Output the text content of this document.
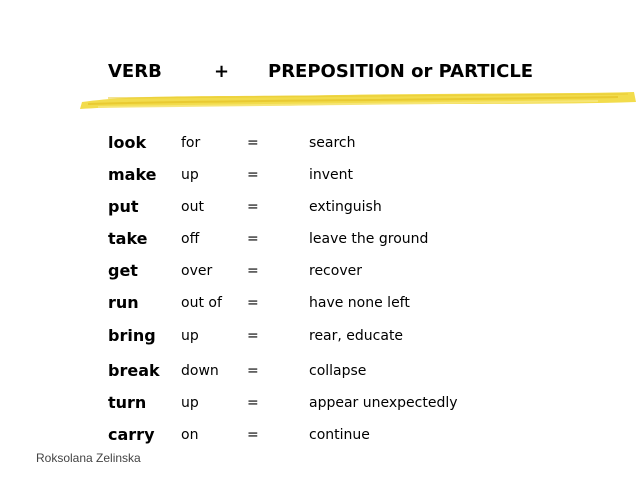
VERB	+ PREPOSITION or PARTICLE
look for	=	search
make up	=	invent
put	out	=	extinguish
take off	=	leave the ground
get	over =	recover
run	out of =	have none left
bring up	=	rear, educate
break down =	collapse
turn up	=	appear unexpectedly
carry on	=	continue
Roksolana Zelinska
